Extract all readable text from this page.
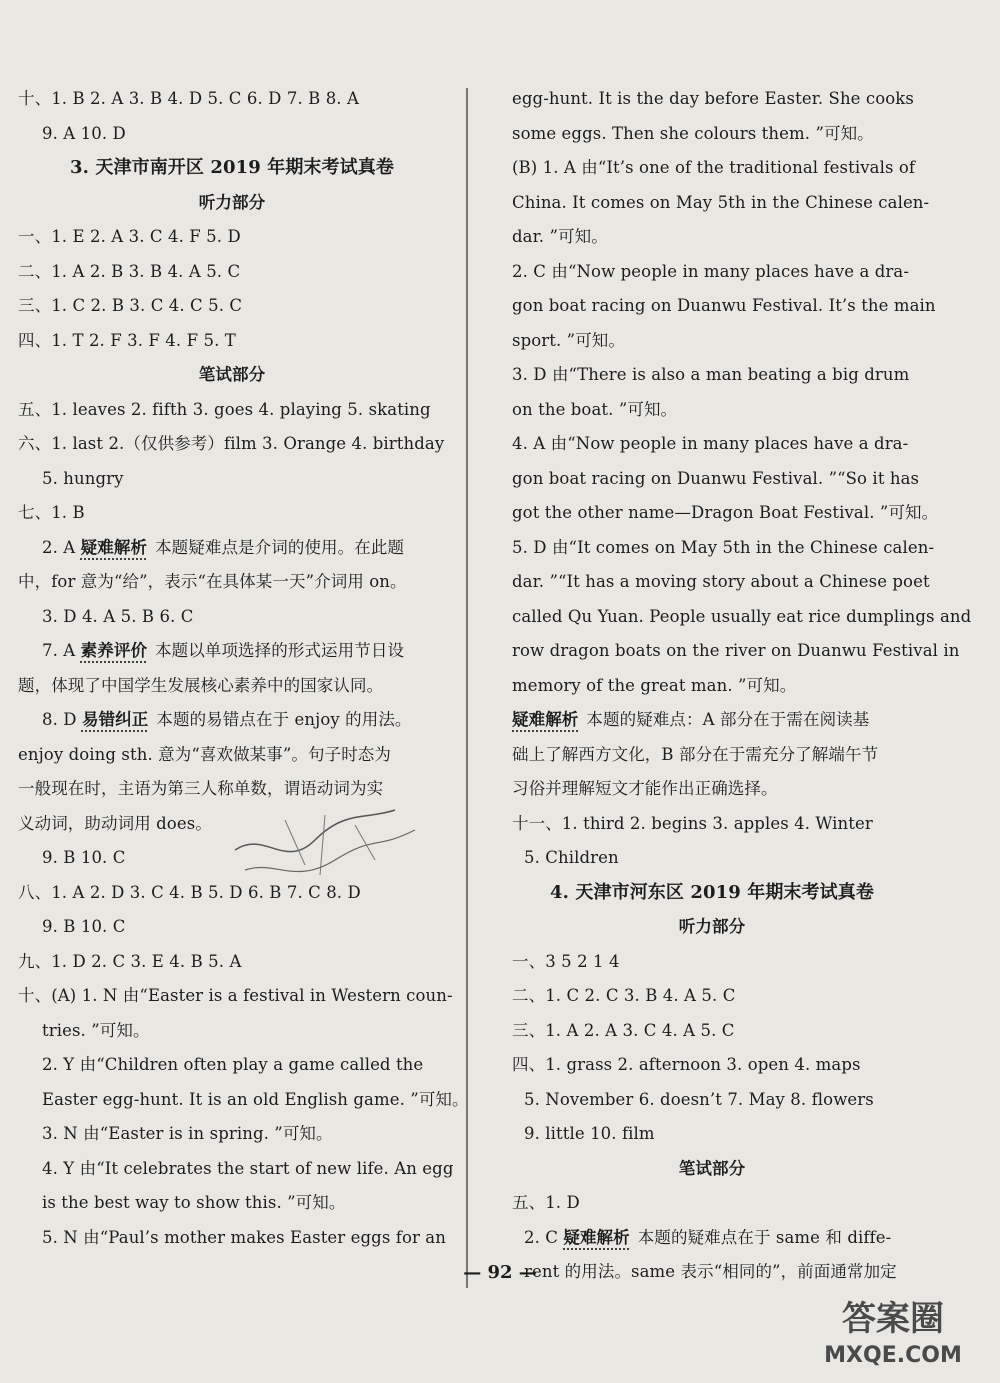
十、1. B 2. A 3. B 4. D 5. C 6. D 7. B 8. A
9. A 10. D
3. 天津市南开区 2019 年期末考试真卷
听力部分
一、1. E 2. A 3. C 4. F 5. D
二、1. A 2. B 3. B 4. A 5. C
三、1. C 2. B 3. C 4. C 5. C
四、1. T 2. F 3. F 4. F 5. T
笔试部分
五、1. leaves 2. fifth 3. goes 4. playing 5. skating
六、1. last 2.（仅供参考）film 3. Orange 4. birthday
5. hungry
七、1. B
2. A 疑难解析 本题疑难点是介词的使用。在此题
中，for 意为“给”，表示“在具体某一天”介词用 on。
3. D 4. A 5. B 6. C
7. A 素养评价 本题以单项选择的形式运用节日设
题，体现了中国学生发展核心素养中的国家认同。
8. D 易错纠正 本题的易错点在于 enjoy 的用法。
enjoy doing sth. 意为“喜欢做某事”。句子时态为
一般现在时，主语为第三人称单数，谓语动词为实
义动词，助动词用 does。
9. B 10. C
八、1. A 2. D 3. C 4. B 5. D 6. B 7. C 8. D
9. B 10. C
九、1. D 2. C 3. E 4. B 5. A
十、(A) 1. N 由“Easter is a festival in Western coun-
tries. ”可知。
2. Y 由“Children often play a game called the
Easter egg-hunt. It is an old English game. ”可知。
3. N 由“Easter is in spring. ”可知。
4. Y 由“It celebrates the start of new life. An egg
is the best way to show this. ”可知。
5. N 由“Paul’s mother makes Easter eggs for an
egg-hunt. It is the day before Easter. She cooks
some eggs. Then she colours them. ”可知。
(B) 1. A 由“It’s one of the traditional festivals of
China. It comes on May 5th in the Chinese calen-
dar. ”可知。
2. C 由“Now people in many places have a dra-
gon boat racing on Duanwu Festival. It’s the main
sport. ”可知。
3. D 由“There is also a man beating a big drum
on the boat. ”可知。
4. A 由“Now people in many places have a dra-
gon boat racing on Duanwu Festival. ”“So it has
got the other name—Dragon Boat Festival. ”可知。
5. D 由“It comes on May 5th in the Chinese calen-
dar. ”“It has a moving story about a Chinese poet
called Qu Yuan. People usually eat rice dumplings and
row dragon boats on the river on Duanwu Festival in
memory of the great man. ”可知。
疑难解析 本题的疑难点：A 部分在于需在阅读基
础上了解西方文化，B 部分在于需充分了解端午节
习俗并理解短文才能作出正确选择。
十一、1. third 2. begins 3. apples 4. Winter
5. Children
4. 天津市河东区 2019 年期末考试真卷
听力部分
一、3 5 2 1 4
二、1. C 2. C 3. B 4. A 5. C
三、1. A 2. A 3. C 4. A 5. C
四、1. grass 2. afternoon 3. open 4. maps
5. November 6. doesn’t 7. May 8. flowers
9. little 10. film
笔试部分
五、1. D
2. C 疑难解析 本题的疑难点在于 same 和 diffe-
rent 的用法。same 表示“相同的”，前面通常加定
— 92 —
答案圈
MXQE.COM
